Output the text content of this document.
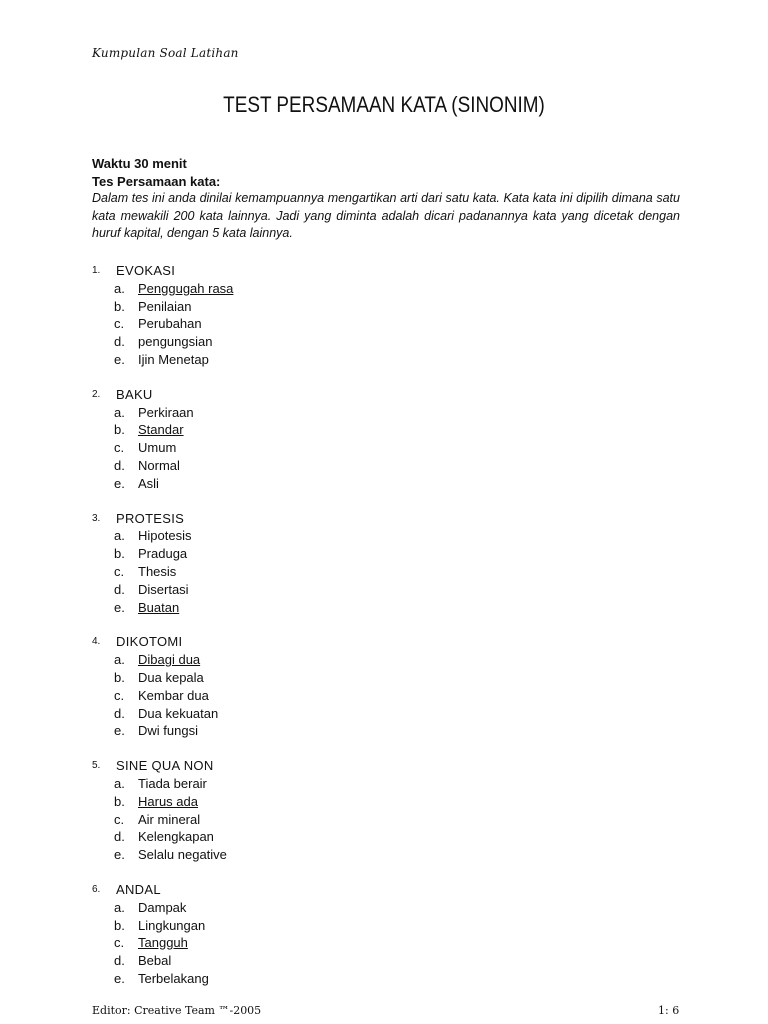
Kumpulan Soal Latihan
TEST PERSAMAAN KATA (SINONIM)
Waktu 30 menit
Tes Persamaan kata:
Dalam tes ini anda dinilai kemampuannya mengartikan arti dari satu kata. Kata kata ini dipilih dimana satu kata mewakili 200 kata lainnya. Jadi yang diminta adalah dicari padanannya kata yang dicetak dengan huruf kapital, dengan 5 kata lainnya.
1.	EVOKASI
a.	Penggugah rasa
b.	Penilaian
c.	Perubahan
d.	pengungsian
e.	Ijin Menetap
2.	BAKU
a.	Perkiraan
b.	Standar
c.	Umum
d.	Normal
e.	Asli
3.	PROTESIS
a.	Hipotesis
b.	Praduga
c.	Thesis
d.	Disertasi
e.	Buatan
4.	DIKOTOMI
a.	Dibagi dua
b.	Dua kepala
c.	Kembar dua
d.	Dua kekuatan
e.	Dwi fungsi
5.	SINE QUA NON
a.	Tiada berair
b.	Harus ada
c.	Air mineral
d.	Kelengkapan
e.	Selalu negative
6.	ANDAL
a.	Dampak
b.	Lingkungan
c.	Tangguh
d.	Bebal
e.	Terbelakang
Editor: Creative Team ™-2005	1: 6
